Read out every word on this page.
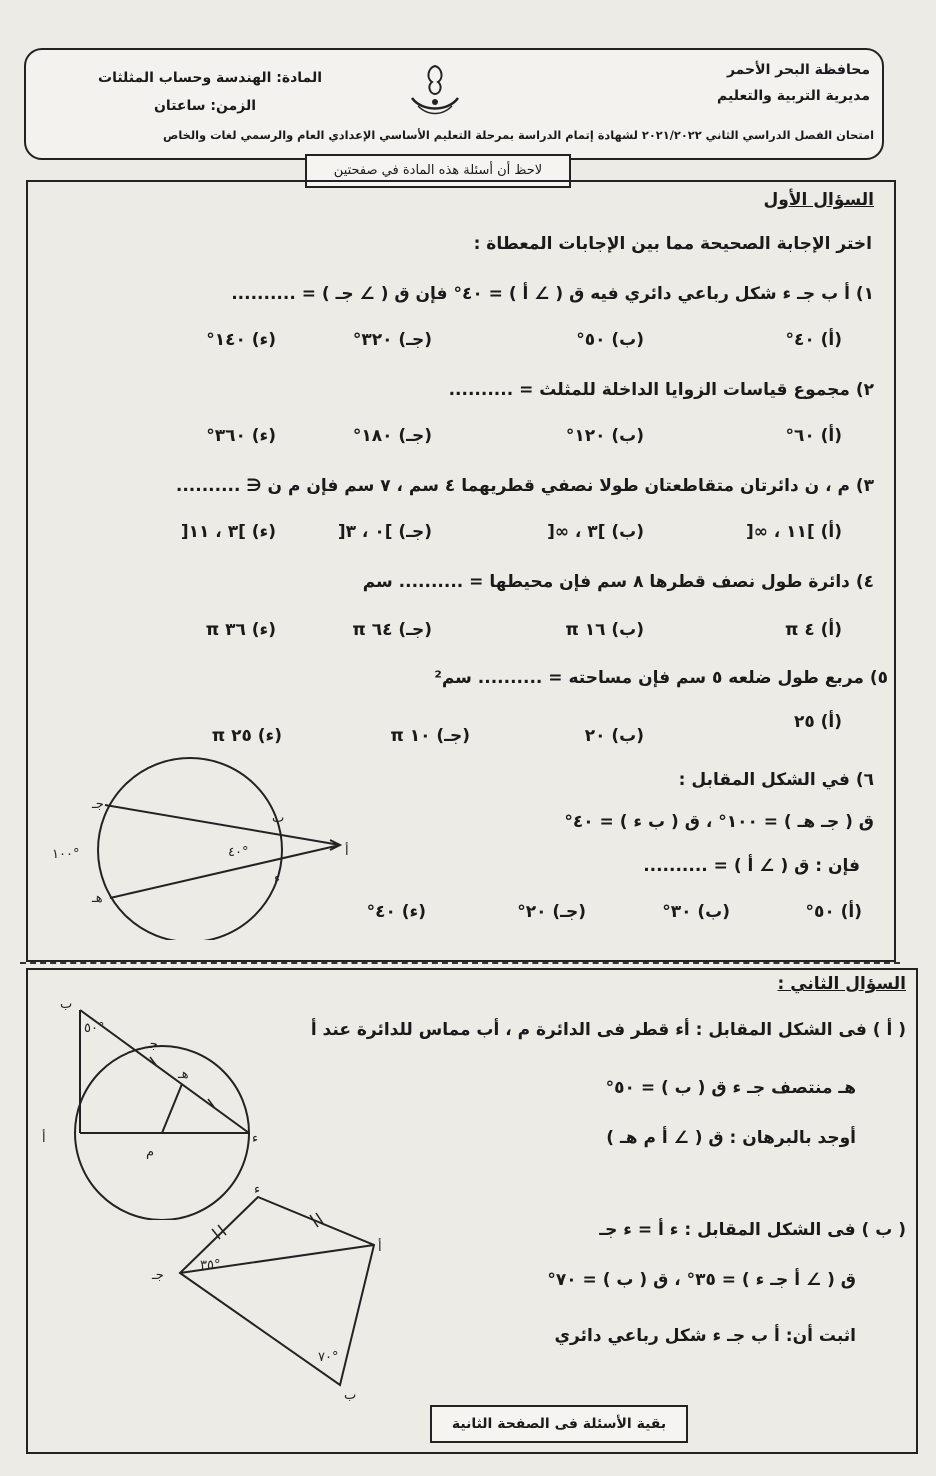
محافظة البحر الأحمر
مديرية التربية والتعليم
المادة: الهندسة وحساب المثلثات
الزمن: ساعتان
امتحان الفصل الدراسي الثاني ٢٠٢١/٢٠٢٢ لشهادة إتمام الدراسة بمرحلة التعليم الأساسي الإعدادي العام والرسمي لغات والخاص
لاحظ أن أسئلة هذه المادة في صفحتين
السؤال الأول
اختر الإجابة الصحيحة مما بين الإجابات المعطاة :
١) أ ب جـ ء شكل رباعي دائري فيه ق ( ∠ أ ) = ٤٠° فإن ق ( ∠ جـ ) = ..........
(أ) ٤٠°
(ب) ٥٠°
(جـ) ٣٢٠°
(ء) ١٤٠°
٢) مجموع قياسات الزوايا الداخلة للمثلث = ..........
(أ) ٦٠°
(ب) ١٢٠°
(جـ) ١٨٠°
(ء) ٣٦٠°
٣) م ، ن دائرتان متقاطعتان طولا نصفي قطريهما ٤ سم ، ٧ سم فإن م ن ∈ ..........
(أ) ]١١ ، ∞[
(ب) ]٣ ، ∞[
(جـ) ]٠ ، ٣[
(ء) ]٣ ، ١١[
٤) دائرة طول نصف قطرها ٨ سم فإن محيطها = .......... سم
(أ) ٤ π
(ب) ١٦ π
(جـ) ٦٤ π
(ء) ٣٦ π
٥) مربع طول ضلعه ٥ سم فإن مساحته = .......... سم²
(أ) ٢٥
(ب) ٢٠
(جـ) ١٠ π
(ء) ٢٥ π
٦) في الشكل المقابل :
ق ( جـ هـ ) = ١٠٠° ، ق ( ب ء ) = ٤٠°
فإن : ق ( ∠ أ ) = ..........
(أ) ٥٠°
(ب) ٣٠°
(جـ) ٢٠°
(ء) ٤٠°
أ
ب
جـ
ء
هـ
١٠٠°	٤٠°
السؤال الثاني :
( أ ) فى الشكل المقابل : أء قطر فى الدائرة م ، أب مماس للدائرة عند أ
هـ منتصف جـ ء ق ( ب ) = ٥٠°
أوجد بالبرهان : ق ( ∠ أ م هـ )
ب
جـ
هـ
م
أ	ء
٥٠°
( ب ) فى الشكل المقابل : ء أ = ء جـ
ق ( ∠ أ جـ ء ) = ٣٥° ، ق ( ب ) = ٧٠°
اثبت أن: أ ب جـ ء شكل رباعي دائري
ء
أ
جـ
ب
٣٥°
٧٠°
بقية الأسئلة فى الصفحة الثانية
